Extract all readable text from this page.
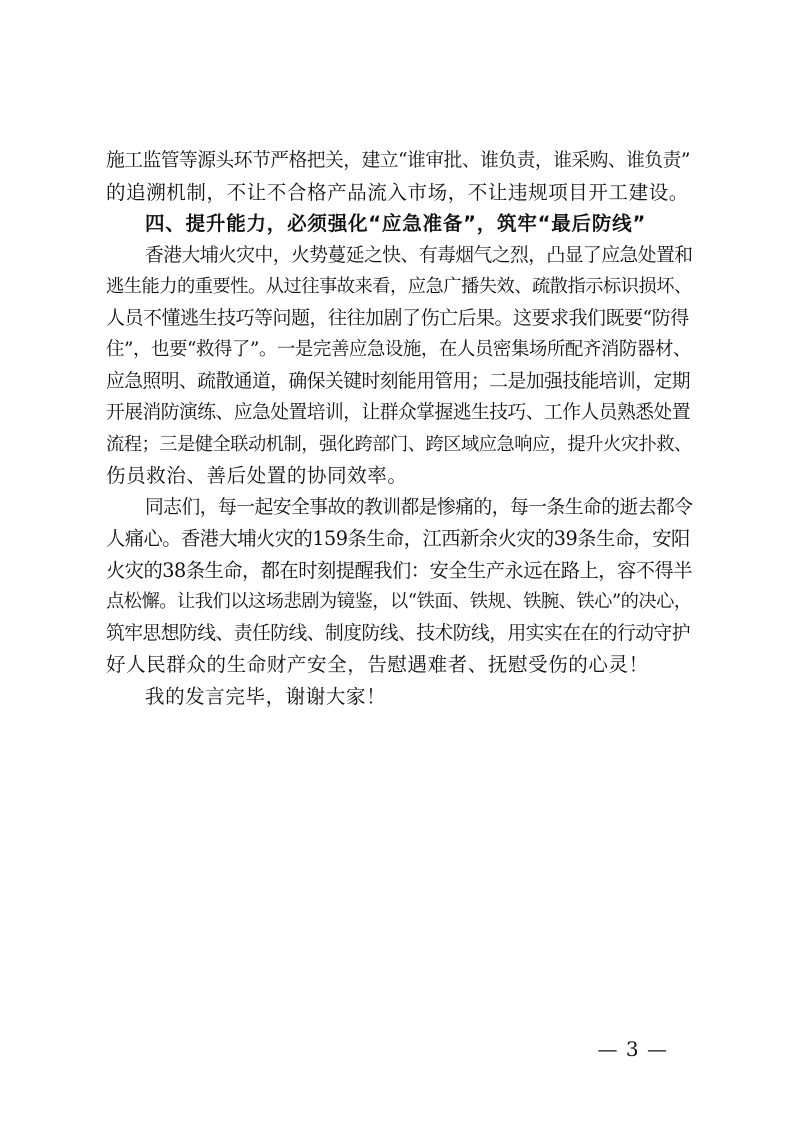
施工监管等源头环节严格把关，建立“谁审批、谁负责，谁采购、谁负责”
的追溯机制，不让不合格产品流入市场，不让违规项目开工建设。
四、提升能力，必须强化“应急准备”，筑牢“最后防线”
香港大埔火灾中，火势蔓延之快、有毒烟气之烈，凸显了应急处置和
逃生能力的重要性。从过往事故来看，应急广播失效、疏散指示标识损坏、
人员不懂逃生技巧等问题，往往加剧了伤亡后果。这要求我们既要“防得
住”，也要“救得了”。一是完善应急设施，在人员密集场所配齐消防器材、
应急照明、疏散通道，确保关键时刻能用管用；二是加强技能培训，定期
开展消防演练、应急处置培训，让群众掌握逃生技巧、工作人员熟悉处置
流程；三是健全联动机制，强化跨部门、跨区域应急响应，提升火灾扑救、
伤员救治、善后处置的协同效率。
同志们，每一起安全事故的教训都是惨痛的，每一条生命的逝去都令
人痛心。香港大埔火灾的159条生命，江西新余火灾的39条生命，安阳
火灾的38条生命，都在时刻提醒我们：安全生产永远在路上，容不得半
点松懈。让我们以这场悲剧为镜鉴，以“铁面、铁规、铁腕、铁心”的决心，
筑牢思想防线、责任防线、制度防线、技术防线，用实实在在的行动守护
好人民群众的生命财产安全，告慰遇难者、抚慰受伤的心灵！
我的发言完毕，谢谢大家！
— 3 —
